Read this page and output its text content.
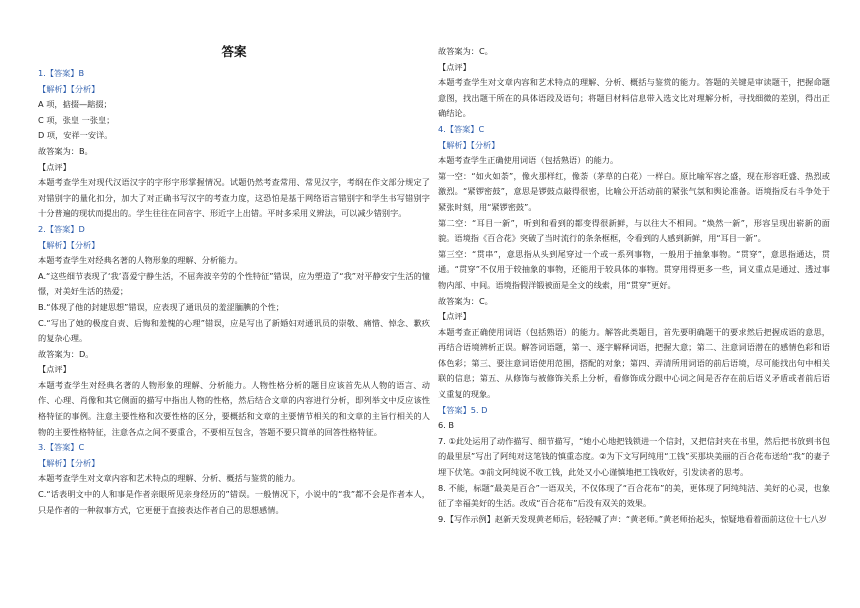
答案
1.【答案】B
【解析】【分析】
A 项，掂掇—踮掇；
C 项，张皇 一张皇；
D 项，安祥一安详。
故答案为：B。
【点评】
本题考查学生对现代汉语汉字的字形字形掌握情况。试题仍然考查常用、常见汉字，考纲在作文部分规定了对错别字的量化扣分，加大了对正确书写汉字的考查力度，这恐怕是基于网络语言错别字和学生书写错别字十分普遍的现状而提出的。学生往往在同音字、形近字上出错。平时多采用义辨法，可以减少错别字。
2.【答案】D
【解析】【分析】
本题考查学生对经典名著的人物形象的理解、分析能力。
A.“这些细节表现了‘我’喜爱宁静生活，不屈奔波辛劳的个性特征”错误，应为塑造了“我”对平静安宁生活的憧憬，对美好生活的热爱；
B.“体现了他的封建思想”错误，应表现了通讯员的羞涩腼腆的个性；
C.“写出了她的极度自责、后悔和羞愧的心理”错误，应是写出了新婚妇对通讯员的崇敬、痛惜、悼念、歉疚的复杂心理。
故答案为：D。
【点评】
本题考查学生对经典名著的人物形象的理解、分析能力。人物性格分析的题目应该首先从人物的语言、动作、心理、肖像和其它侧面的描写中指出人物的性格，然后结合文章的内容进行分析，即列举文中反应该性格特征的事例。注意主要性格和次要性格的区分，要概括和文章的主要情节相关的和文章的主旨行相关的人物的主要性格特征，注意各点之间不要重合，不要相互包含，答题不要只简单的回答性格特征。
3.【答案】C
【解析】【分析】
本题考查学生对文章内容和艺术特点的理解、分析、概括与鉴赏的能力。
C.“话表明文中的人和事是作者亲眼所见亲身经历的”错误。一般情况下，小说中的“我”都不会是作者本人，只是作者的一种叙事方式，它更便于直接表达作者自己的思想感情。
故答案为：C。
【点评】
本题考查学生对文章内容和艺术特点的理解、分析、概括与鉴赏的能力。答题的关键是审读题干，把握命题意图，找出题干所在的具体语段及语句；将题目材料信息带入选文比对理解分析，寻找细微的差别，得出正确结论。
4.【答案】C
【解析】【分析】
本题考查学生正确使用词语（包括熟语）的能力。
第一空：“如火如荼”，像火那样红，像荼（茅草的白花）一样白。原比喻军容之盛，现在形容旺盛、热烈或激烈。“紧锣密鼓”，意思是锣鼓点敲得很密，比喻公开活动前的紧张气氛和舆论准备。语境指反右斗争处于紧张时刻，用“紧锣密鼓”。
第二空：“耳目一新”，听到和看到的都变得很新鲜，与以往大不相同。“焕然一新”，形容呈现出崭新的面貌。语境指《百合花》突破了当时流行的条条框框，令看到的人感到新鲜，用“耳目一新”。
第三空：“贯串”，意思指从头到尾穿过一个或一系列事物，一般用于抽象事物。“贯穿”，意思指通达，贯通。“贯穿”不仅用于较抽象的事物，还能用于较具体的事物。贯穿用得更多一些，词义重点是通过、透过事物内部、中间。语境指假洋锻被面是全文的线索，用“贯穿”更好。
故答案为：C。
【点评】
本题考查正确使用词语（包括熟语）的能力。解答此类题目，首先要明确题干的要求然后把握成语的意思，再结合语境辨析正误。解答词语题，第一、逐字解释词语，把握大意；第二、注意词语潜在的感情色彩和语体色彩；第三、要注意词语使用范围，搭配的对象；第四、弄清所用词语的前后语境，尽可能找出句中相关联的信息；第五、从修饰与被修饰关系上分析，看修饰成分跟中心词之间是否存在前后语义矛盾或者前后语义重复的现象。
【答案】5. D
6. B
7. ①此处运用了动作描写、细节描写，“她小心地把钱锁进一个信封，又把信封夹在书里，然后把书放到书包的最里层”写出了阿纯对这笔钱的慎重态度。②为下文写阿纯用“工钱”买那块美丽的百合花布送给“我”的妻子埋下伏笔。③前文阿纯说不收工钱，此处又小心谨慎地把工钱收好，引发读者的思考。
8. 不能，标题“最美是百合”一语双关，不仅体现了“百合花布”的美，更体现了阿纯纯洁、美好的心灵，也象征了幸福美好的生活。改成“百合花布”后没有双关的效果。
9.【写作示例】赵新天发现黄老师后，轻轻喊了声：“黄老师。”黄老师抬起头，惊疑地看着面前这位十七八岁
